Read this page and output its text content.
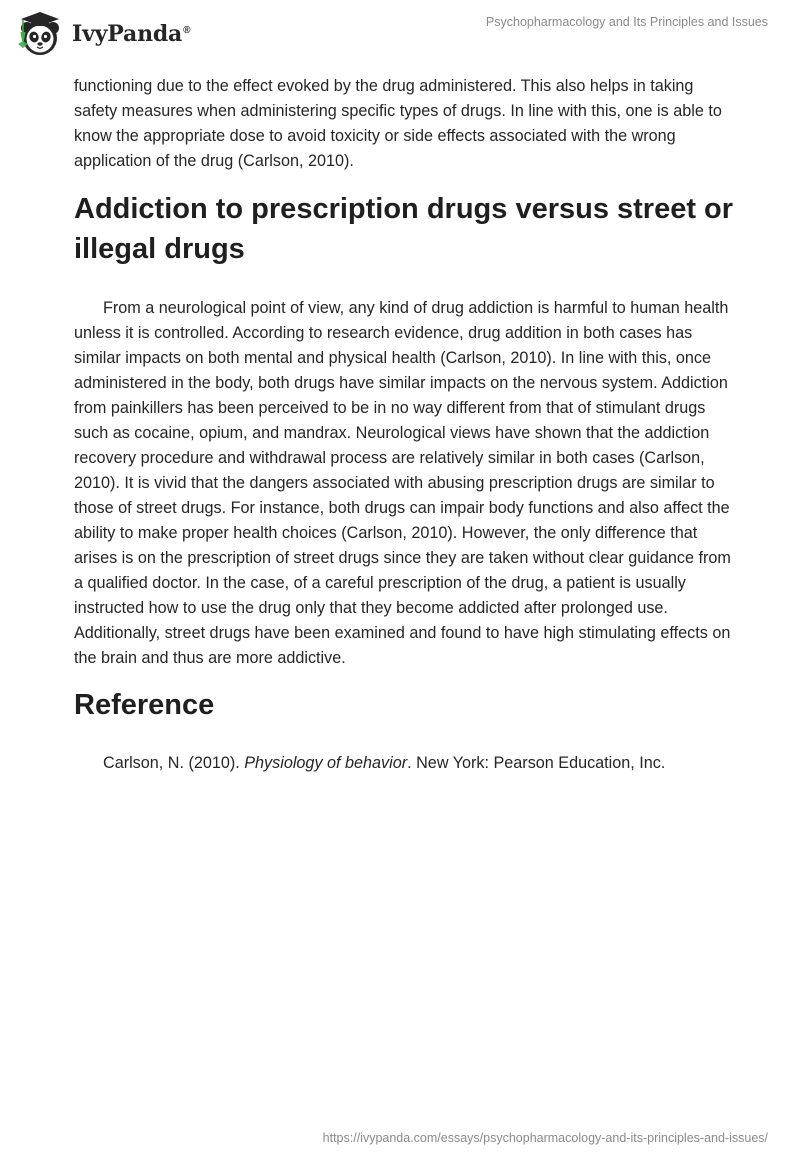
IvyPanda®
Psychopharmacology and Its Principles and Issues

functioning due to the effect evoked by the drug administered. This also helps in taking safety measures when administering specific types of drugs. In line with this, one is able to know the appropriate dose to avoid toxicity or side effects associated with the wrong application of the drug (Carlson, 2010).

Addiction to prescription drugs versus street or illegal drugs

From a neurological point of view, any kind of drug addiction is harmful to human health unless it is controlled. According to research evidence, drug addition in both cases has similar impacts on both mental and physical health (Carlson, 2010). In line with this, once administered in the body, both drugs have similar impacts on the nervous system. Addiction from painkillers has been perceived to be in no way different from that of stimulant drugs such as cocaine, opium, and mandrax. Neurological views have shown that the addiction recovery procedure and withdrawal process are relatively similar in both cases (Carlson, 2010). It is vivid that the dangers associated with abusing prescription drugs are similar to those of street drugs. For instance, both drugs can impair body functions and also affect the ability to make proper health choices (Carlson, 2010). However, the only difference that arises is on the prescription of street drugs since they are taken without clear guidance from a qualified doctor. In the case, of a careful prescription of the drug, a patient is usually instructed how to use the drug only that they become addicted after prolonged use. Additionally, street drugs have been examined and found to have high stimulating effects on the brain and thus are more addictive.

Reference

Carlson, N. (2010). Physiology of behavior. New York: Pearson Education, Inc.

https://ivypanda.com/essays/psychopharmacology-and-its-principles-and-issues/
